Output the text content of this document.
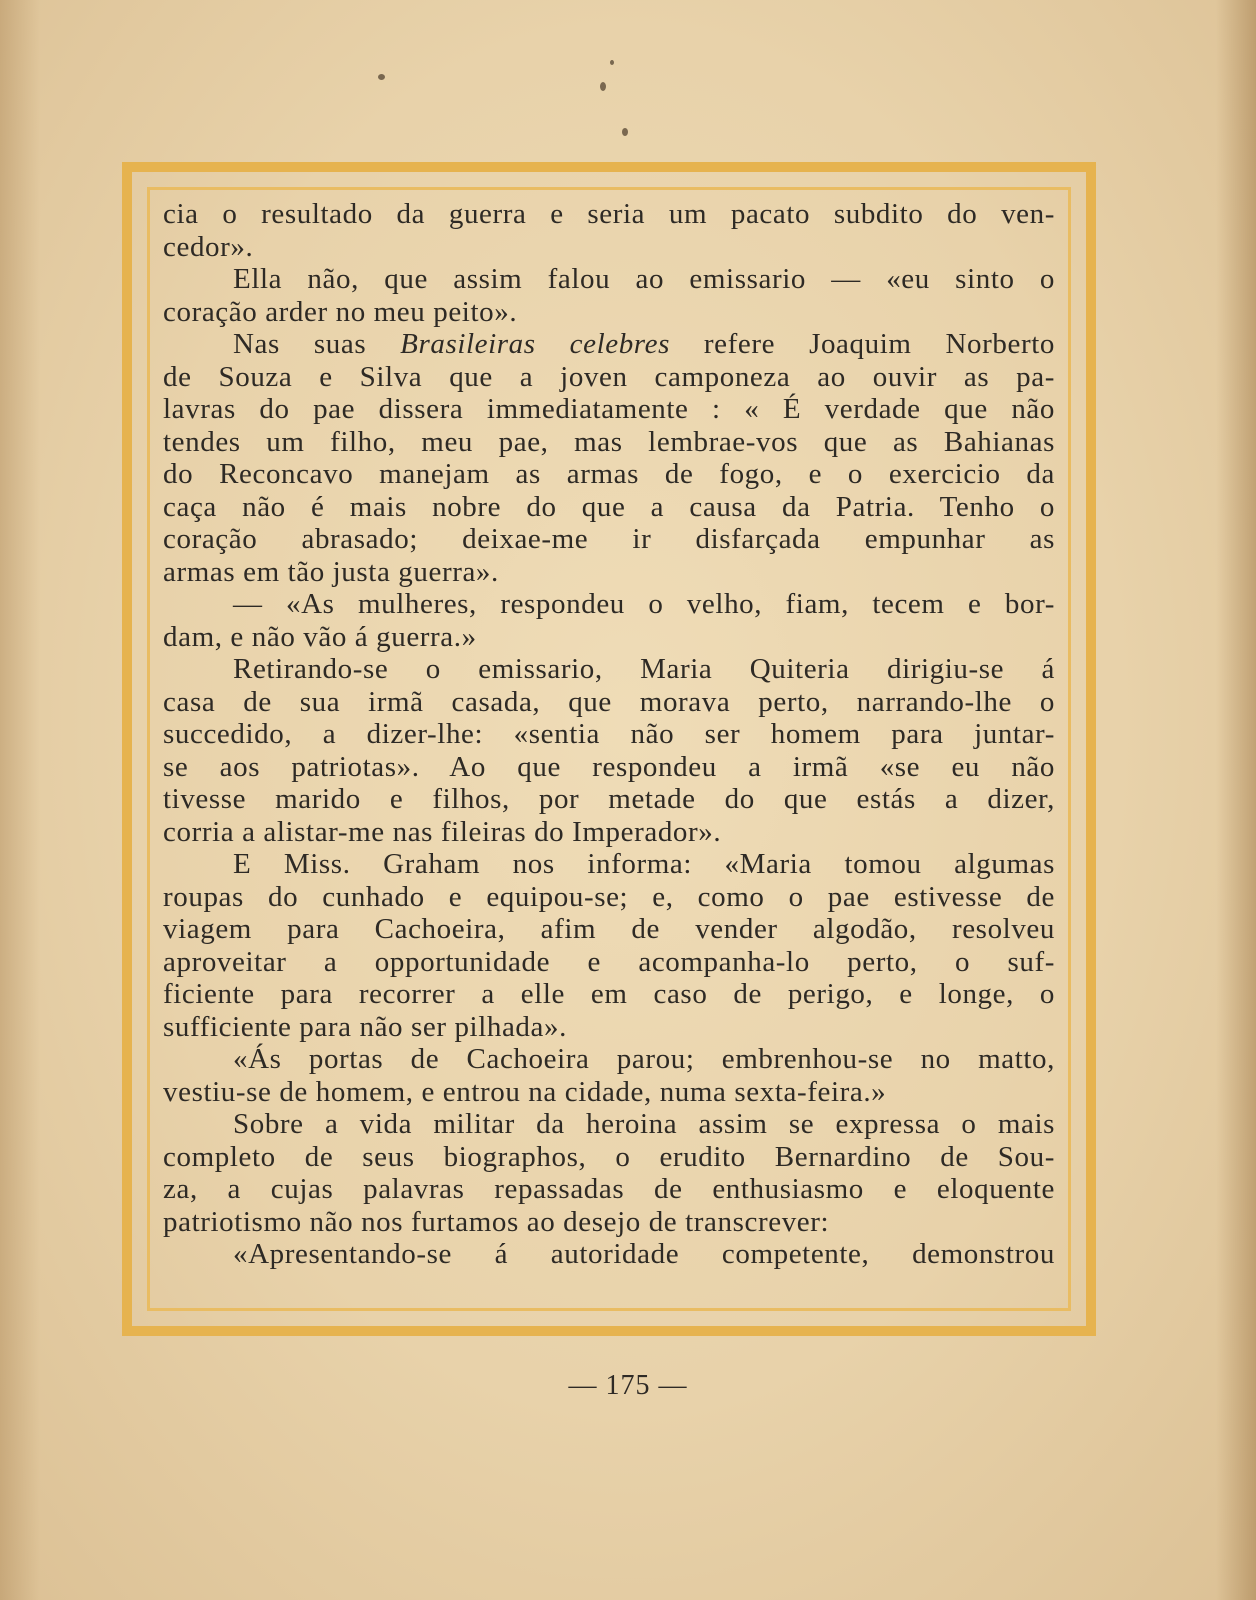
cia o resultado da guerra e seria um pacato subdito do ven-
cedor».
Ella não, que assim falou ao emissario — «eu sinto o
coração arder no meu peito».
Nas suas Brasileiras celebres refere Joaquim Norberto
de Souza e Silva que a joven camponeza ao ouvir as pa-
lavras do pae dissera immediatamente : « É verdade que não
tendes um filho, meu pae, mas lembrae-vos que as Bahianas
do Reconcavo manejam as armas de fogo, e o exercicio da
caça não é mais nobre do que a causa da Patria. Tenho o
coração abrasado; deixae-me ir disfarçada empunhar as
armas em tão justa guerra».
— «As mulheres, respondeu o velho, fiam, tecem e bor-
dam, e não vão á guerra.»
Retirando-se o emissario, Maria Quiteria dirigiu-se á
casa de sua irmã casada, que morava perto, narrando-lhe o
succedido, a dizer-lhe: «sentia não ser homem para juntar-
se aos patriotas». Ao que respondeu a irmã «se eu não
tivesse marido e filhos, por metade do que estás a dizer,
corria a alistar-me nas fileiras do Imperador».
E Miss. Graham nos informa: «Maria tomou algumas
roupas do cunhado e equipou-se; e, como o pae estivesse de
viagem para Cachoeira, afim de vender algodão, resolveu
aproveitar a opportunidade e acompanha-lo perto, o suf-
ficiente para recorrer a elle em caso de perigo, e longe, o
sufficiente para não ser pilhada».
«Ás portas de Cachoeira parou; embrenhou-se no matto,
vestiu-se de homem, e entrou na cidade, numa sexta-feira.»
Sobre a vida militar da heroina assim se expressa o mais
completo de seus biographos, o erudito Bernardino de Sou-
za, a cujas palavras repassadas de enthusiasmo e eloquente
patriotismo não nos furtamos ao desejo de transcrever:
«Apresentando-se á autoridade competente, demonstrou
— 175 —
